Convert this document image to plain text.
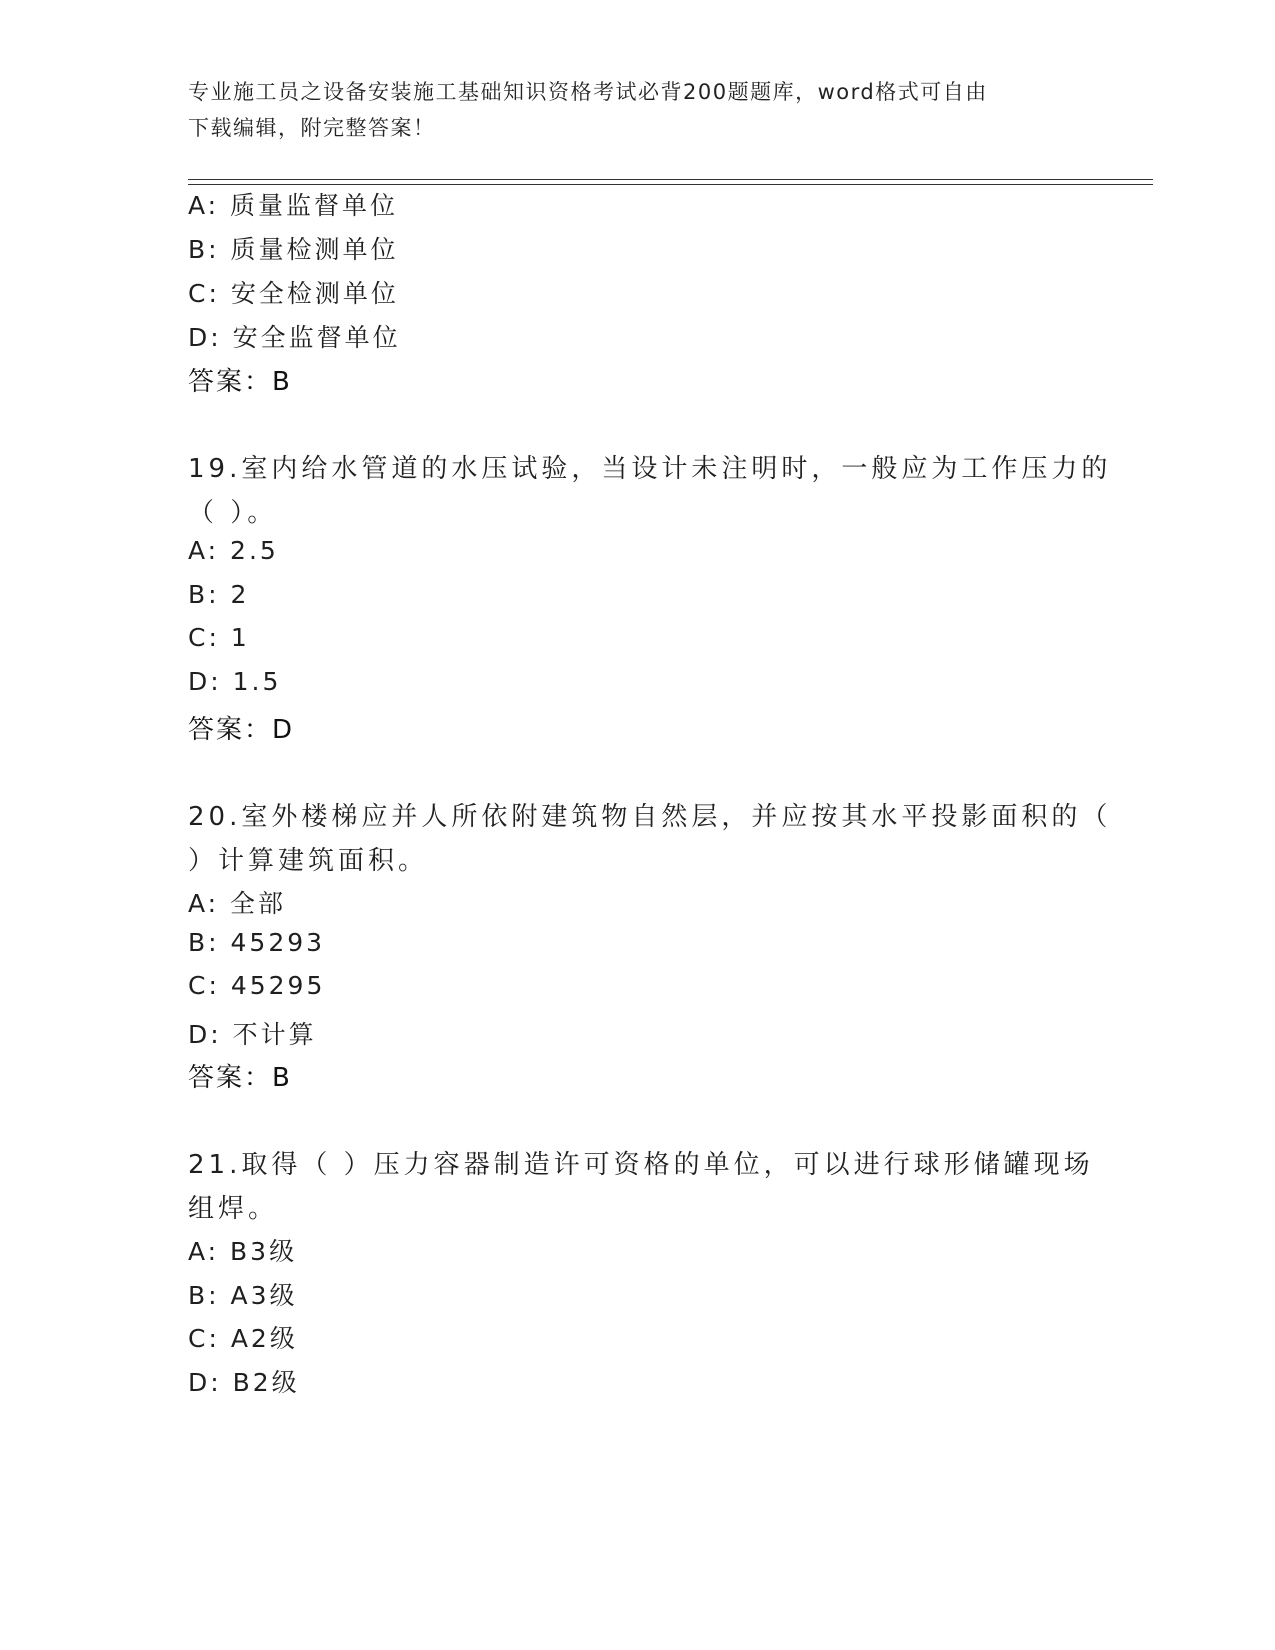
专业施工员之设备安装施工基础知识资格考试必背200题题库，word格式可自由
下载编辑，附完整答案！
A: 质量监督单位
B: 质量检测单位
C: 安全检测单位
D: 安全监督单位
答案：B
19.室内给水管道的水压试验，当设计未注明时，一般应为工作压力的
（ ）。
A: 2.5
B: 2
C: 1
D: 1.5
答案：D
20.室外楼梯应并人所依附建筑物自然层，并应按其水平投影面积的（
）计算建筑面积。
A: 全部
B: 45293
C: 45295
D: 不计算
答案：B
21.取得（ ）压力容器制造许可资格的单位，可以进行球形储罐现场
组焊。
A: B3级
B: A3级
C: A2级
D: B2级
